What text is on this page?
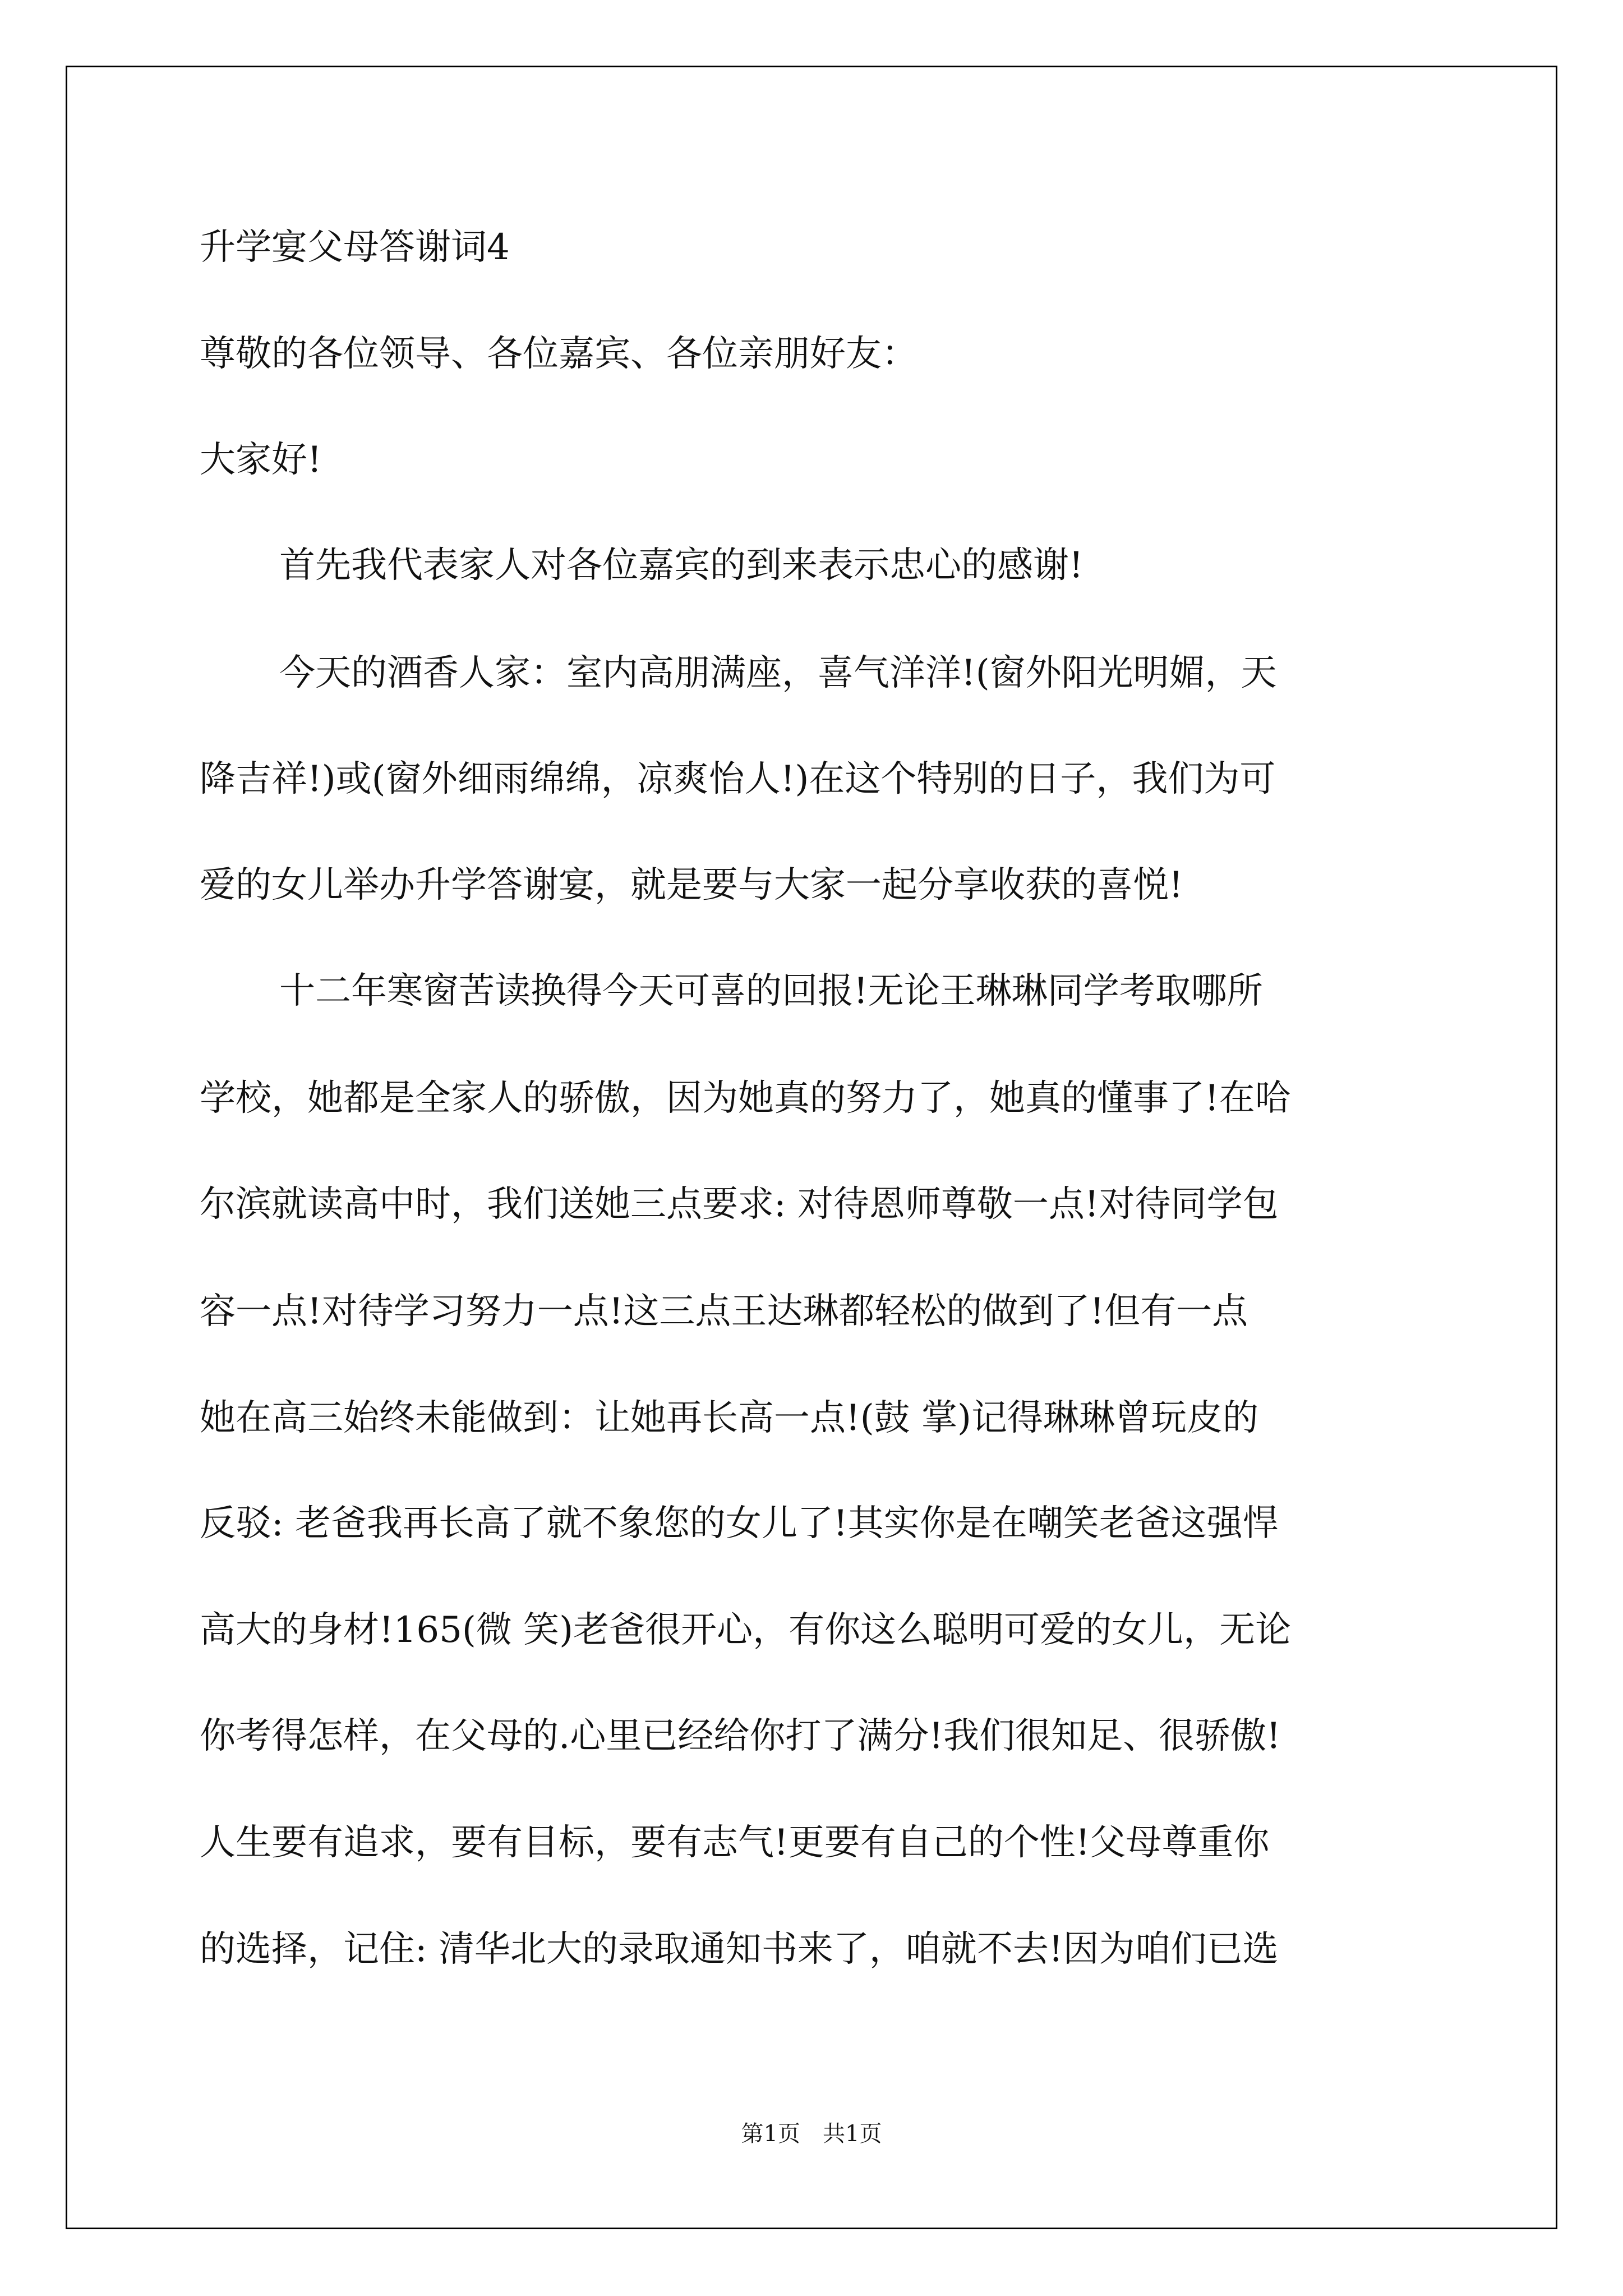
升学宴父母答谢词4

尊敬的各位领导、各位嘉宾、各位亲朋好友：

大家好!

首先我代表家人对各位嘉宾的到来表示忠心的感谢!

今天的酒香人家：室内高朋满座，喜气洋洋!(窗外阳光明媚，天

降吉祥!)或(窗外细雨绵绵，凉爽怡人!)在这个特别的日子，我们为可

爱的女儿举办升学答谢宴，就是要与大家一起分享收获的喜悦!

十二年寒窗苦读换得今天可喜的回报!无论王琳琳同学考取哪所

学校，她都是全家人的骄傲，因为她真的努力了，她真的懂事了!在哈

尔滨就读高中时，我们送她三点要求: 对待恩师尊敬一点!对待同学包

容一点!对待学习努力一点!这三点王达琳都轻松的做到了!但有一点

她在高三始终未能做到：让她再长高一点!(鼓 掌)记得琳琳曾玩皮的

反驳: 老爸我再长高了就不象您的女儿了!其实你是在嘲笑老爸这强悍

高大的身材!165(微 笑)老爸很开心，有你这么聪明可爱的女儿，无论

你考得怎样，在父母的.心里已经给你打了满分!我们很知足、很骄傲!

人生要有追求，要有目标，要有志气!更要有自己的个性!父母尊重你

的选择，记住: 清华北大的录取通知书来了，咱就不去!因为咱们已选

第1页　共1页
